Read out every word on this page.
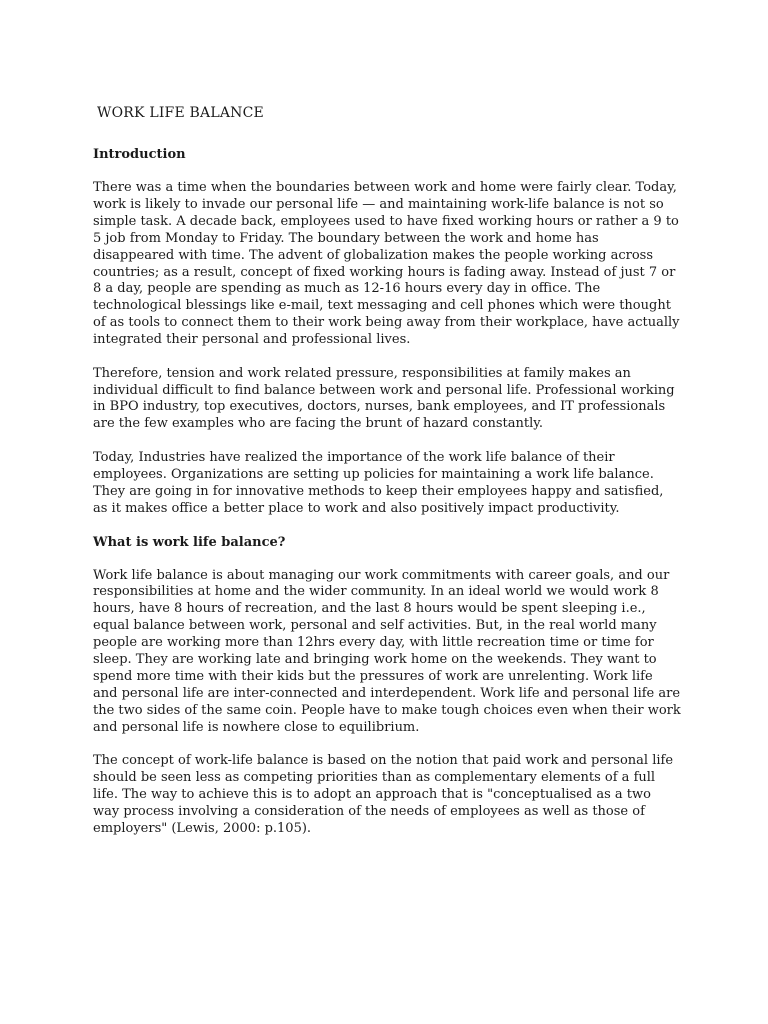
WORK LIFE BALANCE
Introduction

There was a time when the boundaries between work and home were fairly clear. Today, work is likely to invade our personal life — and maintaining work-life balance is not so simple task. A decade back, employees used to have fixed working hours or rather a 9 to 5 job from Monday to Friday. The boundary between the work and home has disappeared with time. The advent of globalization makes the people working across countries; as a result, concept of fixed working hours is fading away. Instead of just 7 or 8 a day, people are spending as much as 12-16 hours every day in office. The technological blessings like e-mail, text messaging and cell phones which were thought of as tools to connect them to their work being away from their workplace, have actually integrated their personal and professional lives.

Therefore, tension and work related pressure, responsibilities at family makes an individual difficult to find balance between work and personal life. Professional working in BPO industry, top executives, doctors, nurses, bank employees, and IT professionals are the few examples who are facing the brunt of hazard constantly.

Today, Industries have realized the importance of the work life balance of their employees. Organizations are setting up policies for maintaining a work life balance. They are going in for innovative methods to keep their employees happy and satisfied, as it makes office a better place to work and also positively impact productivity.

What is work life balance?

Work life balance is about managing our work commitments with career goals, and our responsibilities at home and the wider community. In an ideal world we would work 8 hours, have 8 hours of recreation, and the last 8 hours would be spent sleeping i.e., equal balance between work, personal and self activities. But, in the real world many people are working more than 12hrs every day, with little recreation time or time for sleep. They are working late and bringing work home on the weekends. They want to spend more time with their kids but the pressures of work are unrelenting. Work life and personal life are inter-connected and interdependent. Work life and personal life are the two sides of the same coin. People have to make tough choices even when their work and personal life is nowhere close to equilibrium.

The concept of work-life balance is based on the notion that paid work and personal life should be seen less as competing priorities than as complementary elements of a full life. The way to achieve this is to adopt an approach that is "conceptualised as a two way process involving a consideration of the needs of employees as well as those of employers" (Lewis, 2000: p.105).
